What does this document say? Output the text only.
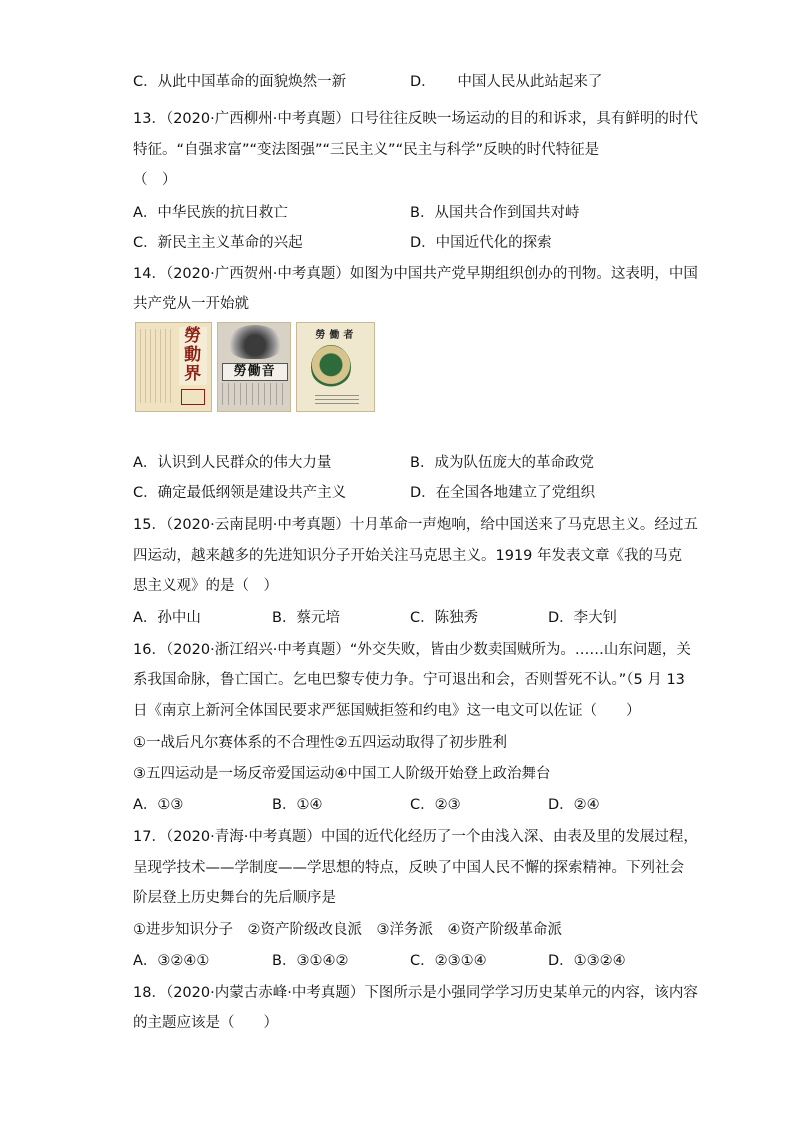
C．从此中国革命的面貌焕然一新	D．　　中国人民从此站起来了
13．（2020·广西柳州·中考真题）口号往往反映一场运动的目的和诉求，具有鲜明的时代
特征。“自强求富”“变法图强”“三民主义”“民主与科学”反映的时代特征是
（　）
A．中华民族的抗日救亡	B．从国共合作到国共对峙
C．新民主主义革命的兴起	D．中国近代化的探索
14．（2020·广西贺州·中考真题）如图为中国共产党早期组织创办的刊物。这表明，中国
共产党从一开始就
勞
動
界	勞働音
勞働者
A．认识到人民群众的伟大力量	B．成为队伍庞大的革命政党
C．确定最低纲领是建设共产主义	D．在全国各地建立了党组织
15．（2020·云南昆明·中考真题）十月革命一声炮响，给中国送来了马克思主义。经过五
四运动，越来越多的先进知识分子开始关注马克思主义。1919 年发表文章《我的马克
思主义观》的是（　）
A．孙中山	B．蔡元培	C．陈独秀	D．李大钊
16．（2020·浙江绍兴·中考真题）“外交失败，皆由少数卖国贼所为。……山东问题，关
系我国命脉，鲁亡国亡。乞电巴黎专使力争。宁可退出和会，否则誓死不认。”（5 月 13
日《南京上新河全体国民要求严惩国贼拒签和约电》这一电文可以佐证（　　）
①一战后凡尔赛体系的不合理性②五四运动取得了初步胜利
③五四运动是一场反帝爱国运动④中国工人阶级开始登上政治舞台
A．①③	B．①④	C．②③	D．②④
17．（2020·青海·中考真题）中国的近代化经历了一个由浅入深、由表及里的发展过程，
呈现学技术——学制度——学思想的特点，反映了中国人民不懈的探索精神。下列社会
阶层登上历史舞台的先后顺序是
①进步知识分子　②资产阶级改良派　③洋务派　④资产阶级革命派
A．③②④①	B．③①④②	C．②③①④	D．①③②④
18．（2020·内蒙古赤峰·中考真题）下图所示是小强同学学习历史某单元的内容，该内容
的主题应该是（　　）
